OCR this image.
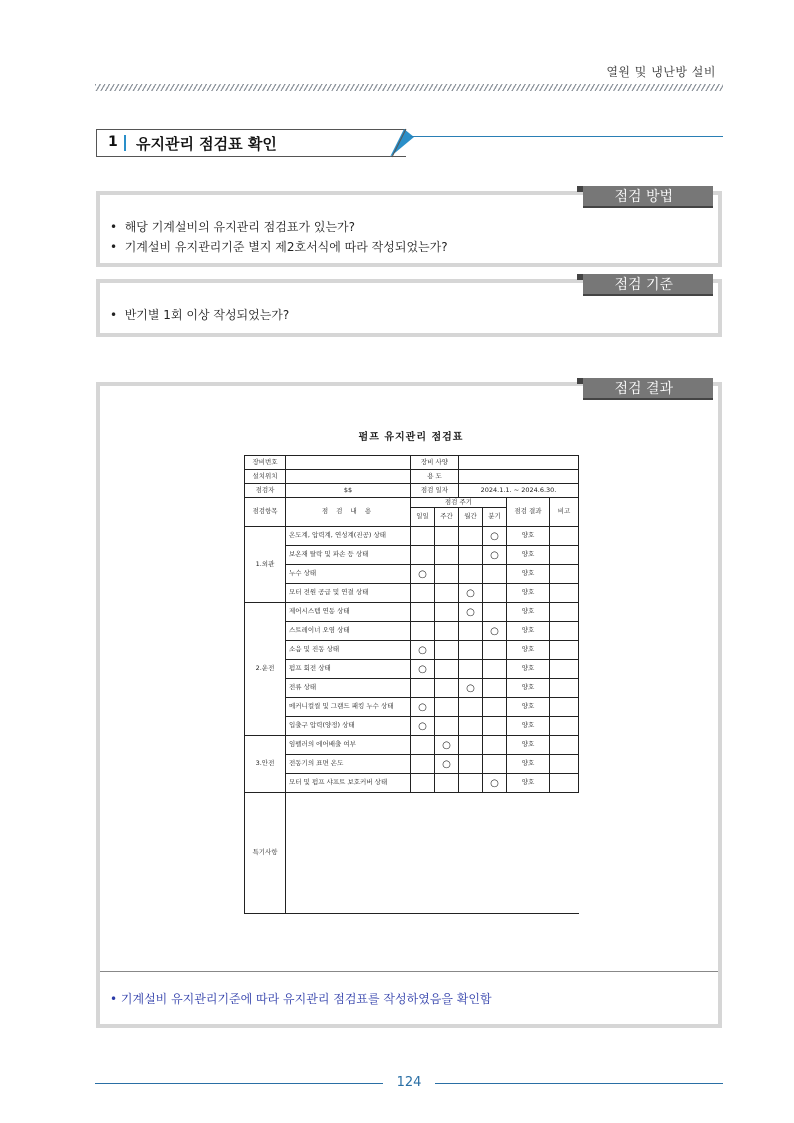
열원 및 냉난방 설비
1 유지관리 점검표 확인
점검 방법
•  해당 기계설비의 유지관리 점검표가 있는가?
•  기계설비 유지관리기준 별지 제2호서식에 따라 작성되었는가?
점검 기준
•  반기별 1회 이상 작성되었는가?
점검 결과
펌프 유지관리 점검표
장비번호		장비 사양					
설치위치		용 도					
점검자	$$	점검 일자		2024.1.1. ~ 2024.6.30.			
점검항목	점 검 내 용	점검 주기				점검 결과	비고
		일일	주간	월간	분기		
1.외관	온도계, 압력계, 연성계(진공) 상태				○	양호	
	보온재 탈락 및 파손 등 상태				○	양호	
	누수 상태	○				양호	
	모터 전원 공급 및 연결 상태			○		양호	
2.운전	제어시스템 연동 상태			○		양호	
	스트레이너 오염 상태				○	양호	
	소음 및 진동 상태	○				양호	
	펌프 회전 상태	○				양호	
	전류 상태			○		양호	
	메커니컬씰 및 그랜드 패킹 누수 상태	○				양호	
	입출구 압력(양정) 상태	○				양호	
3.안전	임펠러의 에어배출 여부		○			양호	
	전동기의 표면 온도		○			양호	
	모터 및 펌프 샤프트 보호커버 상태				○	양호	
특기사항							
• 기계설비 유지관리기준에 따라 유지관리 점검표를 작성하였음을 확인함
124
